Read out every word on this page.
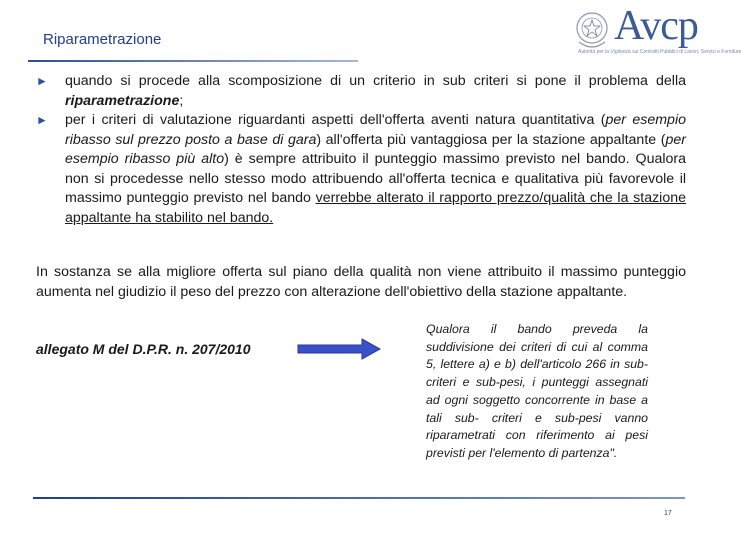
Riparametrazione	Avcp
Autorità per la Vigilanza sui Contratti Pubblici di Lavori, Servizi e Forniture
► quando si procede alla scomposizione di un criterio in sub criteri si pone il problema della riparametrazione;
► per i criteri di valutazione riguardanti aspetti dell'offerta aventi natura quantitativa (per esempio ribasso sul prezzo posto a base di gara) all'offerta più vantaggiosa per la stazione appaltante (per esempio ribasso più alto) è sempre attribuito il punteggio massimo previsto nel bando. Qualora non si procedesse nello stesso modo attribuendo all'offerta tecnica e qualitativa più favorevole il massimo punteggio previsto nel bando verrebbe alterato il rapporto prezzo/qualità che la stazione appaltante ha stabilito nel bando.

In sostanza se alla migliore offerta sul piano della qualità non viene attribuito il massimo punteggio aumenta nel giudizio il peso del prezzo con alterazione dell'obiettivo della stazione appaltante.

allegato M del D.P.R. n. 207/2010

Qualora il bando preveda la suddivisione dei criteri di cui al comma 5, lettere a) e b) dell'articolo 266 in sub-criteri e sub-pesi, i punteggi assegnati ad ogni soggetto concorrente in base a tali sub- criteri e sub-pesi vanno riparametrati con riferimento ai pesi previsti per l'elemento di partenza".

17
